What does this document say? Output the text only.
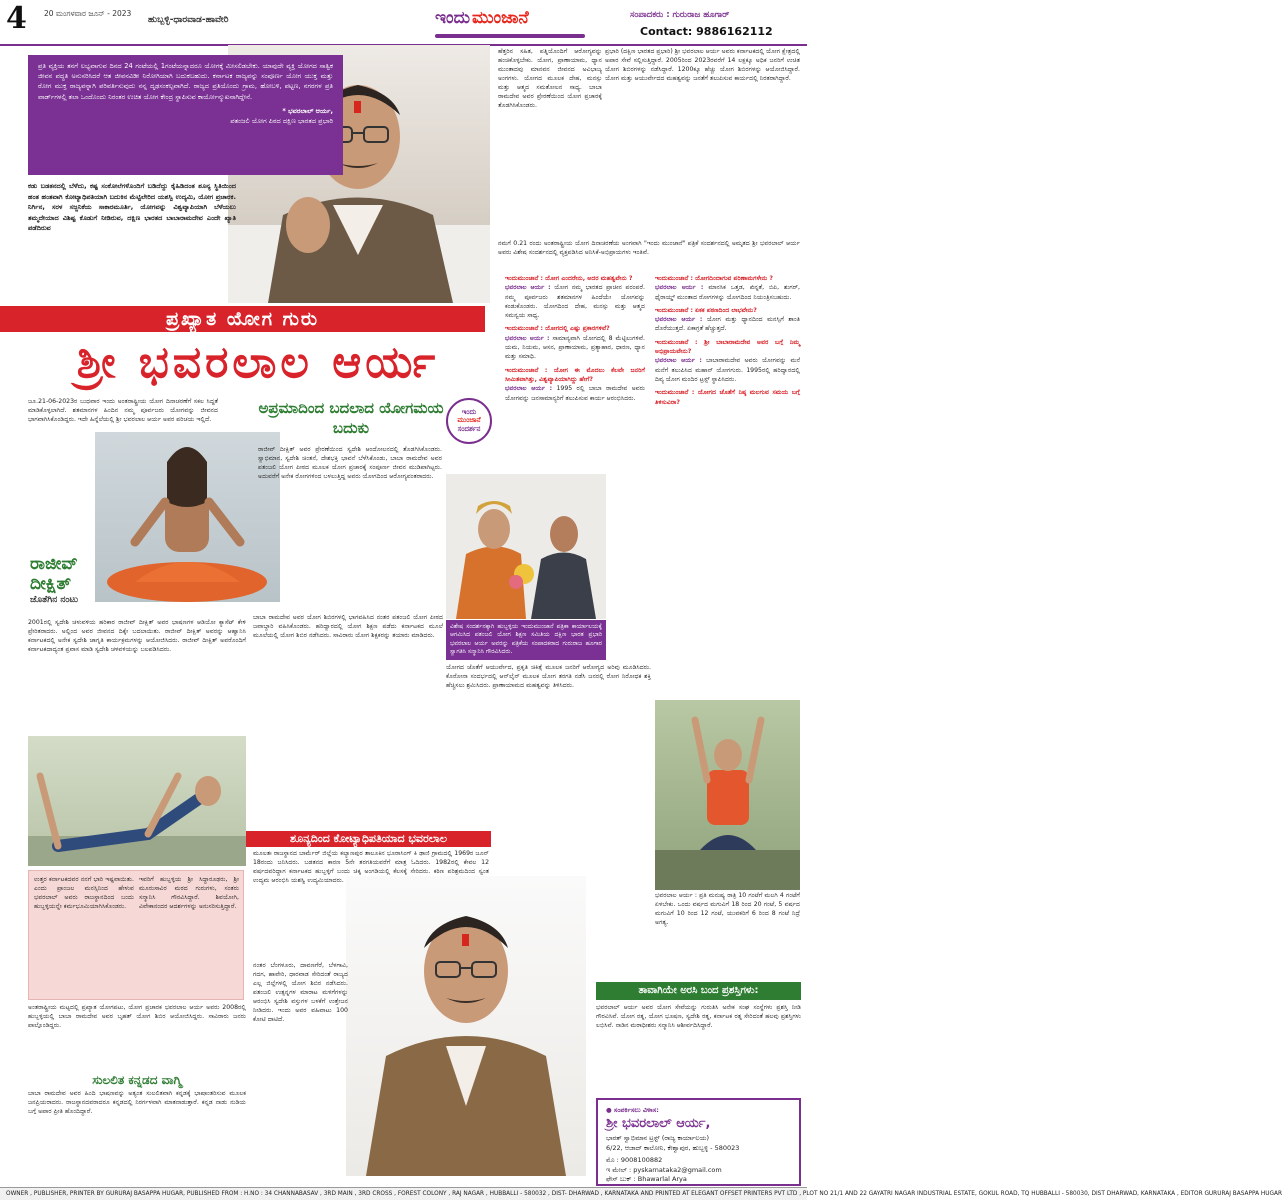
4 20 ಮಂಗಳವಾರ ಜೂನ್ - 2023
ಹುಬ್ಬಳ್ಳಿ-ಧಾರವಾಡ-ಹಾವೇರಿ	ಇಂದು ಮುಂಜಾನೆ	ಸಂಪಾದಕರು : ಗುರುರಾಜ ಹೂಗಾರ್
Contact: 9886162112

ಪ್ರತಿ ವ್ಯಕ್ತಿಯ ತನಗೆ ಲಭ್ಯವಾಗುವ ದಿನದ 24 ಗಂಟೆಯಲ್ಲಿ 1ಗಂಟೆಯನ್ನಾದರೂ ಯೋಗಕ್ಕೆ ಮೀಸಲಿಡಬೇಕು. ಯಾವುದೇ ವ್ಯಕ್ತಿ ಯೋಗದ ಸಾತ್ವಿಕ ಜೀವನ ಪದ್ಧತಿ ಅನುಸರಿಸಿದರೆ ಆತ ಜೀವನವಿಡೀ ನಿರೋಗಿಯಾಗಿ ಬದುಕಬಹುದು. ಕರ್ನಾಟಕ ರಾಜ್ಯವನ್ನು ಸಂಪೂರ್ಣ ಯೋಗ ಯುಕ್ತ ಮತ್ತು ರೋಗ ಮುಕ್ತ ರಾಜ್ಯವನ್ನಾಗಿ ಪರಿವರ್ತಿಸುವುದು ನನ್ನ ದೃಢಸಂಕಲ್ಪವಾಗಿದೆ. ರಾಜ್ಯದ ಪ್ರತಿಯೊಂದು ಗ್ರಾಮ, ಹೋಬಳಿ, ಪಟ್ಟಣ, ನಗರಗಳ ಪ್ರತಿ ವಾರ್ಡ್‌ಗಳಲ್ಲಿ ತಲಾ ಒಂದೊಂದು ನಿರಂತರ ಉಚಿತ ಯೋಗ ಕೇಂದ್ರ ಸ್ಥಾಪಿಸುವ ಕಾರ್ಯೋನ್ಮುಖನಾಗಿದ್ದೇನೆ.

* ಭವರಲಾಲ್ ಆರ್ಯ,
ಪತಂಜಲಿ ಯೋಗ ಪಿಠದ ದಕ್ಷಿಣ ಭಾರತದ ಪ್ರಭಾರಿ
ಕಡು ಬಡತನದಲ್ಲಿ ಬೆಳೆದು, ಕಷ್ಟ ಸಂಕೋಲೆಗಳೊಂದಿಗೆ ಬಡಿದೆದ್ದು ಕೈಹಿಡಿದಂತ ಶೂನ್ಯ ಸ್ಥಿತಿಯಿಂದ ಹಂತ ಹಂತವಾಗಿ ಕೋಟ್ಯಾಧಿಪತಿಯಾಗಿ ಬದುಕಿನ ಮೆಟ್ಟಿಲೇರಿದ ಯಶಸ್ವಿ ಉದ್ಯಮಿ, ಯೋಗ ಪ್ರಚಾರಕ. ನಿರ್ಗಿನ, ಸರಳ ಸಜ್ಜನಿಕೆಯ ಸಾಕಾರಮೂರ್ತಿ, ಯೋಗವನ್ನು ವಿಶ್ವವ್ಯಾಪಿಯಾಗಿ ಬೆಳೆಯಲು ತಮ್ಮದೇಯಾದ ವಿಶಿಷ್ಟ ಕೊಡುಗೆ ನೀಡಿರುವ, ದಕ್ಷಿಣ ಭಾರತದ ಬಾಬಾರಾಮದೇವ ಎಂದೇ ಖ್ಯಾತಿ ಪಡೆದಿರುವ
ಹೆತ್ತರಿನ ಸಹಿತ, ಪತ್ನಿಯೊಂದಿಗೆ ಆರೋಗ್ಯವನ್ನು ಹಂಚಿಕೊಳ್ಳಬೇಕು. ಯೋಗ, ಪ್ರಾಣಾಯಾಮ, ಧ್ಯಾನ ಮುಂತಾದವು ಮಾನವನ ಜೀವನದ ಅವಿಭಾಜ್ಯ ಅಂಗಗಳು. ಯೋಗದ ಮೂಲಕ ದೇಹ, ಮನಸ್ಸು ಮತ್ತು ಆತ್ಮದ ಸಮತೋಲನ ಸಾಧ್ಯ. ಬಾಬಾ ರಾಮದೇವ ಅವರ ಪ್ರೇರಣೆಯಿಂದ ಯೋಗ ಪ್ರಚಾರಕ್ಕೆ ತೊಡಗಿಸಿಕೊಂಡರು.
ಪ್ರಭಾರಿ (ದಕ್ಷಿಣ ಭಾರತದ ಪ್ರಭಾರಿ) ಶ್ರೀ ಭವರಲಾಲ ಆರ್ಯ ಅವರು ಕರ್ನಾಟಕದಲ್ಲಿ ಯೋಗ ಕ್ಷೇತ್ರದಲ್ಲಿ ಅಪಾರ ಸೇವೆ ಸಲ್ಲಿಸುತ್ತಿದ್ದಾರೆ. 2005ರಿಂದ 2023ರವರೆಗೆ 14 ಲಕ್ಷಕ್ಕೂ ಅಧಿಕ ಜನರಿಗೆ ಉಚಿತ ಯೋಗ ಶಿಬಿರಗಳನ್ನು ನಡೆಸಿದ್ದಾರೆ. 1200ಕ್ಕೂ ಹೆಚ್ಚು ಯೋಗ ಶಿಬಿರಗಳನ್ನು ಆಯೋಜಿಸಿದ್ದಾರೆ. ಯೋಗ ಮತ್ತು ಆಯುರ್ವೇದದ ಮಹತ್ವವನ್ನು ಜನತೆಗೆ ತಲುಪಿಸುವ ಕಾರ್ಯದಲ್ಲಿ ನಿರತರಾಗಿದ್ದಾರೆ.
ನಮಗೆ 0.21 ರಂದು ಅಂತರಾಷ್ಟ್ರೀಯ ಯೋಗ ದಿನಾಚರಣೆಯ ಅಂಗವಾಗಿ "ಇಂದು ಮುಂಜಾನೆ" ಪತ್ರಿಕೆ ಸಂದರ್ಶನದಲ್ಲಿ ಅಮೃತದ ಶ್ರೀ ಭವರಲಾಲ್ ಆರ್ಯ ಅವರು ವಿಶೇಷ ಸಂದರ್ಶನದಲ್ಲಿ ವ್ಯಕ್ತಪಡಿಸಿದ ಅನಿಸಿಕೆ-ಅಭಿಪ್ರಾಯಗಳು ಇಂತಿವೆ.
ಪ್ರಖ್ಯಾತ ಯೋಗ ಗುರು
ಶ್ರೀ ಭವರಲಾಲ ಆರ್ಯ
ಇಂದುಮುಂಜಾನೆ : ಯೋಗ ಎಂದರೇನು, ಅದರ ಮಹತ್ವವೇನು ?
ಭವರಲಾಲ ಆರ್ಯ : ಯೋಗ ನಮ್ಮ ಭಾರತದ ಪ್ರಾಚೀನ ಪರಂಪರೆ. ನಮ್ಮ ಪೂರ್ವಜರು ಶತಮಾನಗಳ ಹಿಂದೆಯೇ ಯೋಗವನ್ನು ಕಂಡುಕೊಂಡರು. ಯೋಗದಿಂದ ದೇಹ, ಮನಸ್ಸು ಮತ್ತು ಆತ್ಮದ ಸಮನ್ವಯ ಸಾಧ್ಯ.
ಇಂದುಮುಂಜಾನೆ : ಯೋಗದಲ್ಲಿ ಎಷ್ಟು ಪ್ರಕಾರಗಳಿವೆ?
ಭವರಲಾಲ ಆರ್ಯ : ಸಾಮಾನ್ಯವಾಗಿ ಯೋಗದಲ್ಲಿ 8 ಮೆಟ್ಟಿಲುಗಳಿವೆ. ಯಮ, ನಿಯಮ, ಆಸನ, ಪ್ರಾಣಾಯಾಮ, ಪ್ರತ್ಯಾಹಾರ, ಧಾರಣ, ಧ್ಯಾನ ಮತ್ತು ಸಮಾಧಿ.
ಇಂದುಮುಂಜಾನೆ : ಯೋಗ ಈ ಮೊದಲು ಕೆಲವೇ ಜನರಿಗೆ ಸೀಮಿತವಾಗಿತ್ತು, ವಿಶ್ವವ್ಯಾಪಿಯಾಗಿದ್ದು ಹೇಗೆ?
ಭವರಲಾಲ ಆರ್ಯ : 1995 ರಲ್ಲಿ ಬಾಬಾ ರಾಮದೇವ ಅವರು ಯೋಗವನ್ನು ಜನಸಾಮಾನ್ಯರಿಗೆ ತಲುಪಿಸುವ ಕಾರ್ಯ ಆರಂಭಿಸಿದರು.
ಇಂದುಮುಂಜಾನೆ : ಯೋಗದಿಂದಾಗುವ ಪರಿಣಾಮಗಳೇನು ?
ಭವರಲಾಲ ಆರ್ಯ : ಮಾನಸಿಕ ಒತ್ತಡ, ಖಿನ್ನತೆ, ಬಿಪಿ, ಶುಗರ್, ಥೈರಾಯ್ಡ್ ಮುಂತಾದ ರೋಗಗಳನ್ನು ಯೋಗದಿಂದ ನಿಯಂತ್ರಿಸಬಹುದು.
ಇಂದುಮುಂಜಾನೆ : ಏಕಕ ಪಠಣದಿಂದ ಲಾಭವೇನು?
ಭವರಲಾಲ ಆರ್ಯ : ಯೋಗ ಮತ್ತು ಧ್ಯಾನದಿಂದ ಮನಸ್ಸಿಗೆ ಶಾಂತಿ ದೊರೆಯುತ್ತದೆ. ಏಕಾಗ್ರತೆ ಹೆಚ್ಚುತ್ತದೆ.
ಇಂದುಮುಂಜಾನೆ : ಶ್ರೀ ಬಾಬಾರಾಮದೇವ ಅವರ ಬಗ್ಗೆ ನಿಮ್ಮ ಅಭಿಪ್ರಾಯವೇನು?
ಭವರಲಾಲ ಆರ್ಯ : ಬಾಬಾರಾಮದೇವ ಅವರು ಯೋಗವನ್ನು ಮನೆ ಮನೆಗೆ ತಲುಪಿಸಿದ ಮಹಾನ್ ಯೋಗಗುರು. 1995ರಲ್ಲಿ ಹರಿದ್ವಾರದಲ್ಲಿ ದಿವ್ಯ ಯೋಗ ಮಂದಿರ ಟ್ರಸ್ಟ್ ಸ್ಥಾಪಿಸಿದರು.
ಇಂದುಮುಂಜಾನೆ : ಯೋಗದ ಜೊತೆಗೆ ನಿಷ್ಠ ಮಲಗುವ ಸಮಯ ಬಗ್ಗೆ ತಿಳಿಸುವಿರಾ?
ಜೂ.21-06-2023ರ ಬುಧವಾರ ಇಂದು ಅಂತರಾಷ್ಟ್ರೀಯ ಯೋಗ ದಿನಾಚರಣೆಗೆ ಸಕಲ ಸಿದ್ಧತೆ ಮಾಡಿಕೊಳ್ಳಲಾಗಿದೆ. ಶತಮಾನಗಳ ಹಿಂದಿನ ನಮ್ಮ ಪೂರ್ವಜರು ಯೋಗವನ್ನು ಜೀವನದ ಭಾಗವಾಗಿಸಿಕೊಂಡಿದ್ದರು. ಇದೇ ಹಿನ್ನೆಲೆಯಲ್ಲಿ ಶ್ರೀ ಭವರಲಾಲ ಆರ್ಯ ಅವರ ಪರಿಚಯ ಇಲ್ಲಿದೆ.
ರಾಜೀವ್
ದೀಕ್ಷಿತ್
ಜೊತೆಗಿನ ನಂಟು
ಅಪ್ರಮಾದಿಂದ ಬದಲಾದ ಯೋಗಮಯ ಬದುಕು
ಇಂದು
ಮುಂಜಾನೆ
ಸಂದರ್ಶನ
ರಾಜೀವ್ ದೀಕ್ಷಿತ್ ಅವರ ಪ್ರೇರಣೆಯಿಂದ ಸ್ವದೇಶಿ ಆಂದೋಲನದಲ್ಲಿ ತೊಡಗಿಸಿಕೊಂಡರು. ಸ್ವಾಭಿಮಾನ, ಸ್ವದೇಶಿ ಚಿಂತನೆ, ದೇಶಭಕ್ತಿ ಭಾವನೆ ಬೆಳೆಸಿಕೊಂಡು, ಬಾಬಾ ರಾಮದೇವ ಅವರ ಪತಂಜಲಿ ಯೋಗ ಪೀಠದ ಮೂಲಕ ಯೋಗ ಪ್ರಚಾರಕ್ಕೆ ಸಂಪೂರ್ಣ ಜೀವನ ಮುಡಿಪಾಗಿಟ್ಟರು. ಅದುವರೆಗೆ ಅನೇಕ ರೋಗಗಳಿಂದ ಬಳಲುತ್ತಿದ್ದ ಅವರು ಯೋಗದಿಂದ ಆರೋಗ್ಯವಂತರಾದರು.
ವಿಶೇಷ ಸಂದರ್ಶನಕ್ಕಾಗಿ ಹುಬ್ಬಳ್ಳಿಯ ಇಂದುಮುಂಜಾನೆ ಪತ್ರಿಕಾ ಕಾರ್ಯಾಲಯಕ್ಕೆ ಆಗಮಿಸಿದ ಪತಂಜಲಿ ಯೋಗ ಶಿಕ್ಷಣ ಸಮಿತಿಯ ದಕ್ಷಿಣ ಭಾರತ ಪ್ರಭಾರಿ ಭವರಲಾಲ ಆರ್ಯ ಅವರನ್ನು ಪತ್ರಿಕೆಯ ಸಂಪಾದಕರಾದ ಗುರುರಾಜ ಹೂಗಾರ ಸ್ವಾಗತಿಸಿ ಸನ್ಮಾನಿಸಿ ಗೌರವಿಸಿದರು.
2001ರಲ್ಲಿ ಸ್ವದೇಶಿ ಚಳುವಳಿಯ ಹರಿಕಾರ ರಾಜೀವ್ ದೀಕ್ಷಿತ್ ಅವರ ಭಾಷಣಗಳ ಆಡಿಯೋ ಕ್ಯಾಸೆಟ್ ಕೇಳಿ ಪ್ರೇರಿತರಾದರು. ಅಲ್ಲಿಂದ ಅವರ ಜೀವನದ ದಿಕ್ಕೇ ಬದಲಾಯಿತು. ರಾಜೀವ್ ದೀಕ್ಷಿತ್ ಅವರನ್ನು ಆಹ್ವಾನಿಸಿ ಕರ್ನಾಟಕದಲ್ಲಿ ಅನೇಕ ಸ್ವದೇಶಿ ಜಾಗೃತಿ ಕಾರ್ಯಕ್ರಮಗಳನ್ನು ಆಯೋಜಿಸಿದರು. ರಾಜೀವ್ ದೀಕ್ಷಿತ್ ಅವರೊಂದಿಗೆ ಕರ್ನಾಟಕದಾದ್ಯಂತ ಪ್ರವಾಸ ಮಾಡಿ ಸ್ವದೇಶಿ ಚಳವಳಿಯನ್ನು ಬಲಪಡಿಸಿದರು.
ಬಾಬಾ ರಾಮದೇವ ಅವರ ಯೋಗ ಶಿಬಿರಗಳಲ್ಲಿ ಭಾಗವಹಿಸಿದ ನಂತರ ಪತಂಜಲಿ ಯೋಗ ಪೀಠದ ಜವಾಬ್ದಾರಿ ವಹಿಸಿಕೊಂಡರು. ಹರಿದ್ವಾರದಲ್ಲಿ ಯೋಗ ಶಿಕ್ಷಣ ಪಡೆದು ಕರ್ನಾಟಕದ ಮೂಲೆ ಮೂಲೆಯಲ್ಲಿ ಯೋಗ ಶಿಬಿರ ನಡೆಸಿದರು. ಸಾವಿರಾರು ಯೋಗ ಶಿಕ್ಷಕರನ್ನು ತಯಾರು ಮಾಡಿದರು.
ಯೋಗದ ಜೊತೆಗೆ ಆಯುರ್ವೇದ, ಪ್ರಕೃತಿ ಚಿಕಿತ್ಸೆ ಮೂಲಕ ಜನರಿಗೆ ಆರೋಗ್ಯದ ಅರಿವು ಮೂಡಿಸಿದರು. ಕೊರೋನಾ ಸಂದರ್ಭದಲ್ಲಿ ಆನ್‌ಲೈನ್ ಮೂಲಕ ಯೋಗ ತರಗತಿ ನಡೆಸಿ ಜನರಲ್ಲಿ ರೋಗ ನಿರೋಧಕ ಶಕ್ತಿ ಹೆಚ್ಚಿಸಲು ಶ್ರಮಿಸಿದರು. ಪ್ರಾಣಾಯಾಮದ ಮಹತ್ವವನ್ನು ತಿಳಿಸಿದರು.
ಭವರಲಾಲ ಆರ್ಯ : ಪ್ರತಿ ಮನುಷ್ಯ ರಾತ್ರಿ 10 ಗಂಟೆಗೆ ಮಲಗಿ 4 ಗಂಟೆಗೆ ಏಳಬೇಕು. ಒಂದು ವರ್ಷದ ಮಗುವಿಗೆ 18 ರಿಂದ 20 ಗಂಟೆ, 5 ವರ್ಷದ ಮಗುವಿಗೆ 10 ರಿಂದ 12 ಗಂಟೆ, ಯುವಕರಿಗೆ 6 ರಿಂದ 8 ಗಂಟೆ ನಿದ್ರೆ ಅಗತ್ಯ.
ಶೂನ್ಯದಿಂದ ಕೋಟ್ಯಾಧಿಪತಿಯಾದ ಭವರಲಾಲ
ಮೂಲತಃ ರಾಜಸ್ಥಾನದ ಬಾರ್ಮೆರ್ ಜಿಲ್ಲೆಯ ಕಲ್ಯಾಣಪುರ ತಾಲೂಕಿನ ಭೂರಾಸಿಂಗ್ ಕಿ ಢಾಣಿ ಗ್ರಾಮದಲ್ಲಿ 1969ರ ಜೂನ್ 18ರಂದು ಜನಿಸಿದರು. ಬಡತನದ ಕಾರಣ 5ನೇ ತರಗತಿಯವರೆಗೆ ಮಾತ್ರ ಓದಿದರು. 1982ರಲ್ಲಿ ಕೇವಲ 12 ವರ್ಷದವರಿದ್ದಾಗ ಕರ್ನಾಟಕದ ಹುಬ್ಬಳ್ಳಿಗೆ ಬಂದು ಚಿಕ್ಕ ಅಂಗಡಿಯಲ್ಲಿ ಕೆಲಸಕ್ಕೆ ಸೇರಿದರು. ಕಠಿಣ ಪರಿಶ್ರಮದಿಂದ ಸ್ವಂತ ಉದ್ಯಮ ಆರಂಭಿಸಿ ಯಶಸ್ವಿ ಉದ್ಯಮಿಯಾದರು.
ಉತ್ತರ ಕರ್ನಾಟಕದವರ ನನಗೆ ಭಾರಿ ಇಷ್ಟವಾಯಿತು. ಎಂದು ಪ್ರಾಂಜಲ ಮನಸ್ಸಿನಿಂದ ಹೇಳುವ ಭವರಲಾಲ್ ಅವರು ರಾಜಸ್ಥಾನದಿಂದ ಬಂದು ಹುಬ್ಬಳ್ಳಿಯನ್ನೇ ಕರ್ಮಭೂಮಿಯಾಗಿಸಿಕೊಂಡರು.
ಇವರಿಗೆ ಹುಬ್ಬಳ್ಳಿಯ ಶ್ರೀ ಸಿದ್ಧಾರೂಢರು, ಶ್ರೀ ಮೂರುಸಾವಿರ ಮಠದ ಗುರುಗಳು, ಸಂತರು ಸನ್ಮಾನಿಸಿ ಗೌರವಿಸಿದ್ದಾರೆ. ಶಿವಯೋಗಿ, ವಿವೇಕಾನಂದರ ಆದರ್ಶಗಳನ್ನು ಅನುಸರಿಸುತ್ತಿದ್ದಾರೆ.
ಅಂತರಾಷ್ಟ್ರೀಯ ಮಟ್ಟದಲ್ಲಿ ಪ್ರಖ್ಯಾತ ಯೋಗಪಟು, ಯೋಗ ಪ್ರಚಾರಕ ಭವರಲಾಲ ಆರ್ಯ ಅವರು 2008ರಲ್ಲಿ ಹುಬ್ಬಳ್ಳಿಯಲ್ಲಿ ಬಾಬಾ ರಾಮದೇವ ಅವರ ಬೃಹತ್ ಯೋಗ ಶಿಬಿರ ಆಯೋಜಿಸಿದ್ದರು. ಸಾವಿರಾರು ಜನರು ಪಾಲ್ಗೊಂಡಿದ್ದರು.
ಸುಲಲಿತ ಕನ್ನಡದ ವಾಗ್ಮಿ
ಬಾಬಾ ರಾಮದೇವ ಅವರ ಹಿಂದಿ ಭಾಷಣವನ್ನು ಅತ್ಯಂತ ಸುಲಲಿತವಾಗಿ ಕನ್ನಡಕ್ಕೆ ಭಾಷಾಂತರಿಸುವ ಮೂಲಕ ಜನಪ್ರಿಯರಾದರು. ರಾಜಸ್ಥಾನದವರಾದರೂ ಕನ್ನಡದಲ್ಲಿ ನಿರರ್ಗಳವಾಗಿ ಮಾತನಾಡುತ್ತಾರೆ. ಕನ್ನಡ ನಾಡು ನುಡಿಯ ಬಗ್ಗೆ ಅಪಾರ ಪ್ರೀತಿ ಹೊಂದಿದ್ದಾರೆ.
ನಂತರ ಬೆಂಗಳೂರು, ದಾವಣಗೆರೆ, ಬೆಳಗಾವಿ, ಗದಗ, ಹಾವೇರಿ, ಧಾರವಾಡ ಸೇರಿದಂತೆ ರಾಜ್ಯದ ಎಲ್ಲ ಜಿಲ್ಲೆಗಳಲ್ಲಿ ಯೋಗ ಶಿಬಿರ ನಡೆಸಿದರು. ಪತಂಜಲಿ ಉತ್ಪನ್ನಗಳ ಮಾರಾಟ ಮಳಿಗೆಗಳನ್ನು ಆರಂಭಿಸಿ ಸ್ವದೇಶಿ ವಸ್ತುಗಳ ಬಳಕೆಗೆ ಉತ್ತೇಜನ ನೀಡಿದರು. ಇಂದು ಅವರ ವಹಿವಾಟು 100 ಕೋಟಿ ದಾಟಿದೆ.
ತಾವಾಗಿಯೇ ಅರಸಿ ಬಂದ ಪ್ರಶಸ್ತಿಗಳು:
ಭವರಲಾಲ್ ಆರ್ಯ ಅವರ ಯೋಗ ಸೇವೆಯನ್ನು ಗುರುತಿಸಿ ಅನೇಕ ಸಂಘ ಸಂಸ್ಥೆಗಳು ಪ್ರಶಸ್ತಿ ನೀಡಿ ಗೌರವಿಸಿವೆ. ಯೋಗ ರತ್ನ, ಯೋಗ ಭೂಷಣ, ಸ್ವದೇಶಿ ರತ್ನ, ಕರ್ನಾಟಕ ರತ್ನ ಸೇರಿದಂತೆ ಹಲವು ಪ್ರಶಸ್ತಿಗಳು ಲಭಿಸಿವೆ. ನಾಡಿನ ಮಠಾಧೀಶರು ಸನ್ಮಾನಿಸಿ ಆಶೀರ್ವದಿಸಿದ್ದಾರೆ.
● ಸಂಪರ್ಕಿಸಲು ವಿಳಾಸ:
ಶ್ರೀ ಭವರಲಾಲ್ ಆರ್ಯ,
ಭಾರತ್ ಸ್ವಾಭಿಮಾನ ಟ್ರಸ್ಟ್ (ರಾಜ್ಯ ಕಾರ್ಯಾಲಯ)
6/22, ಆಜಾದ್ ಕಾಲೋನಿ, ಕೇಶ್ವಾಪುರ, ಹುಬ್ಬಳ್ಳಿ - 580023
ಮೊ : 9008100882
ಇ ಮೇಲ್ : pyskarnataka2@gmail.com
ಫೇಸ್ ಬುಕ್ : Bhawarlal Arya
OWNER , PUBLISHER, PRINTER BY GURURAJ BASAPPA HUGAR, PUBLISHED FROM : H.NO : 34 CHANNABASAV , 3RD MAIN , 3RD CROSS , FOREST COLONY , RAJ NAGAR , HUBBALLI - 580032 , DIST- DHARWAD , KARNATAKA AND PRINTED AT ELEGANT OFFSET PRINTERS PVT LTD , PLOT NO 21/1 AND 22 GAYATRI NAGAR INDUSTRIAL ESTATE, GOKUL ROAD, TQ HUBBALLI - 580030, DIST DHARWAD, KARNATAKA , EDITOR GURURAJ BASAPPA HUGAR
